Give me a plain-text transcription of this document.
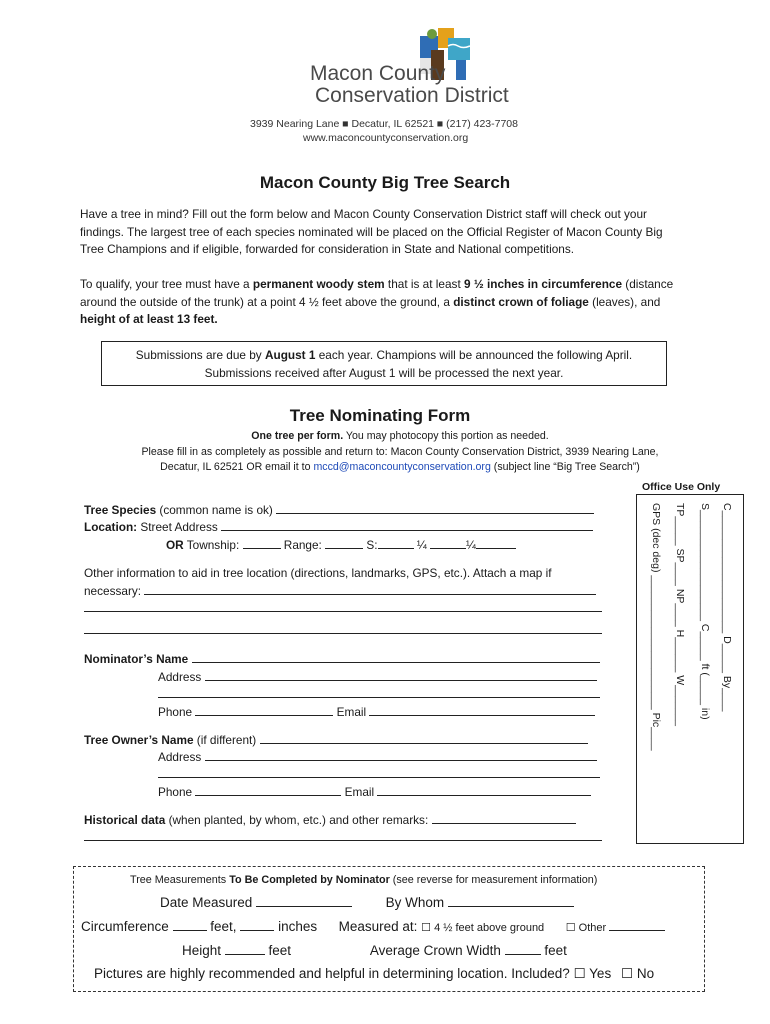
Macon County
Conservation District
3939 Nearing Lane ■ Decatur, IL 62521 ■ (217) 423-7708
www.maconcountyconservation.org
Macon County Big Tree Search
Have a tree in mind? Fill out the form below and Macon County Conservation District staff will check out your findings. The largest tree of each species nominated will be placed on the Official Register of Macon County Big Tree Champions and if eligible, forwarded for consideration in State and National competitions.
To qualify, your tree must have a permanent woody stem that is at least 9 ½ inches in circumference (distance around the outside of the trunk) at a point 4 ½ feet above the ground, a distinct crown of foliage (leaves), and height of at least 13 feet.
Submissions are due by August 1 each year. Champions will be announced the following April.
Submissions received after August 1 will be processed the next year.
Tree Nominating Form
One tree per form. You may photocopy this portion as needed.
Please fill in as completely as possible and return to: Macon County Conservation District, 3939 Nearing Lane,
Decatur, IL 62521 OR email it to mccd@maconcountyconservation.org (subject line “Big Tree Search”)
Office Use Only
C_____________________ D_____ By____
S___________________ C_____ ft (_____ in)
TP_____ SP____ NP____ H______ W_______
GPS (dec deg) _______________________ Pic____
Tree Species (common name is ok)
Location: Street Address
OR Township:	Range:	S:	¼	¼
Other information to aid in tree location (directions, landmarks, GPS, etc.). Attach a map if
necessary:
Nominator’s Name
Address
Phone	Email
Tree Owner’s Name (if different)
Address
Phone	Email
Historical data (when planted, by whom, etc.) and other remarks:
Tree Measurements To Be Completed by Nominator (see reverse for measurement information)
Date Measured	By Whom
Circumference	feet,	inches Measured at: ☐ 4 ½ feet above ground ☐ Other
Height	feet	Average Crown Width	feet
Pictures are highly recommended and helpful in determining location. Included? ☐ Yes ☐ No
